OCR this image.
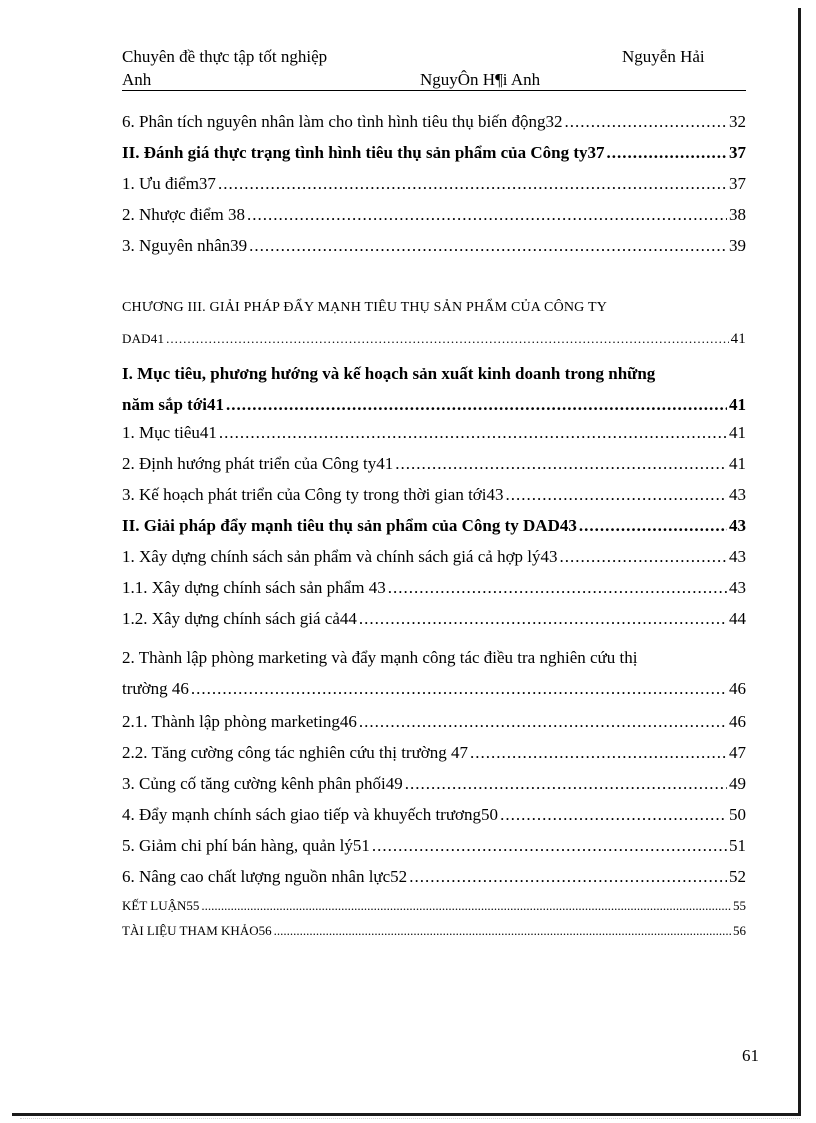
Chuyên đề thực tập tốt nghiệp	Nguyễn Hải
Anh	NguyÔn H¶i Anh
6. Phân tích nguyên nhân làm cho tình hình tiêu thụ biến động32 .....	32
II. Đánh giá thực trạng tình hình tiêu thụ sản phẩm của Công ty37 .....	37
1. Ưu điểm37 .....	37
2. Nhược điểm 38 .....	38
3. Nguyên nhân39 .....	39
CHƯƠNG III. GIẢI PHÁP ĐẨY MẠNH TIÊU THỤ SẢN PHẨM CỦA CÔNG TY
DAD41 .....	41
I. Mục tiêu, phương hướng và kế hoạch sản xuất kinh doanh trong những
năm sắp tới41 .....	41
1. Mục tiêu41 .....	41
2. Định hướng phát triển của Công ty41 .....	41
3. Kế hoạch phát triển của Công ty trong thời gian tới43 .....	43
II. Giải pháp đẩy mạnh tiêu thụ sản phẩm của Công ty DAD43 .....	43
1. Xây dựng chính sách sản phẩm và chính sách giá cả hợp lý43 .....	43
1.1. Xây dựng chính sách sản phẩm 43 .....	43
1.2. Xây dựng chính sách giá cả44 .....	44
2. Thành lập phòng marketing và đẩy mạnh công tác điều tra nghiên cứu thị
trường 46 .....	46
2.1. Thành lập phòng marketing46 .....	46
2.2. Tăng cường công tác nghiên cứu thị trường 47 .....	47
3. Củng cố tăng cường kênh phân phối49 .....	49
4. Đẩy mạnh chính sách giao tiếp và khuyếch trương50 .....	50
5. Giảm chi phí bán hàng, quản lý51 .....	51
6. Nâng cao chất lượng nguồn nhân lực52 .....	52
KẾT LUẬN55 .....	55
TÀI LIỆU THAM KHẢO56 .....	56
61
